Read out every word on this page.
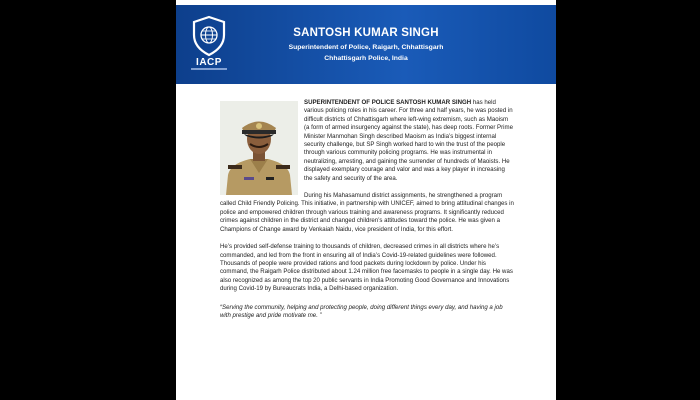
IACP
SANTOSH KUMAR SINGH
Superintendent of Police, Raigarh, Chhattisgarh
Chhattisgarh Police, India

SUPERINTENDENT OF POLICE SANTOSH KUMAR SINGH has held various policing roles in his career. For three and half years, he was posted in difficult districts of Chhattisgarh where left-wing extremism, such as Maoism (a form of armed insurgency against the state), has deep roots. Former Prime Minister Manmohan Singh described Maoism as India’s biggest internal security challenge, but SP Singh worked hard to win the trust of the people through various community policing programs. He was instrumental in neutralizing, arresting, and gaining the surrender of hundreds of Maoists. He displayed exemplary courage and valor and was a key player in increasing the safety and security of the area.

During his Mahasamund district assignments, he strengthened a program called Child Friendly Policing. This initiative, in partnership with UNICEF, aimed to bring attitudinal changes in police and empowered children through various training and awareness programs. It significantly reduced crimes against children in the district and changed children’s attitudes toward the police. He was given a Champions of Change award by Venkaiah Naidu, vice president of India, for this effort.

He’s provided self-defense training to thousands of children, decreased crimes in all districts where he’s commanded, and led from the front in ensuring all of India’s Covid-19-related guidelines were followed. Thousands of people were provided rations and food packets during lockdown by police. Under his command, the Raigarh Police distributed about 1.24 million free facemasks to people in a single day. He was also recognized as among the top 20 public servants in India Promoting Good Governance and Innovations during Covid-19 by Bureaucrats India, a Delhi-based organization.

“Serving the community, helping and protecting people, doing different things every day, and having a job with prestige and pride motivate me. ”
